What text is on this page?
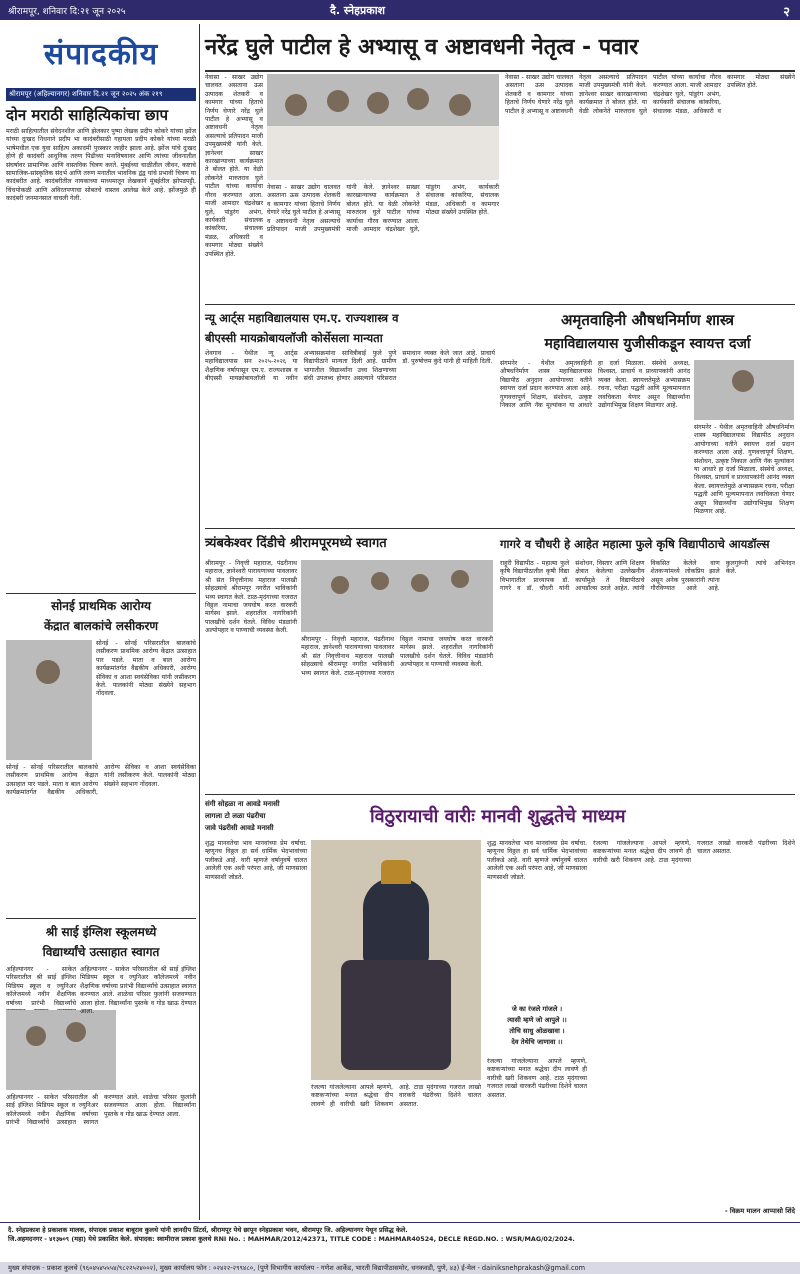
श्रीरामपूर, शनिवार दि:२१ जून २०२५	दै. स्नेहप्रकाश	२
संपादकीय
श्रीरामपूर (अहिल्यानगर) शनिवार दि.२१ जून २०२५ अंक २१९
दोन मराठी साहित्यिकांचा छाप
मराठी साहित्यातील संवेदनशील आणि झेलकार पुष्पा लेखक प्रदीप कोकरे यांच्या झोंज यांच्या दुःखद निधनाने प्रदीप भा कादंबरीसाठी गहायला प्रदीप कोकरे यांच्या मराठी भाषेमधील एक युवा साहित्य अकादमी पुरस्कार जाहीर झाला आहे. झोंज यांचे दुःखद होणे ही कादंबरी आधुनिक तरुण पिढीच्या मनाविषयावर आणि त्यांच्या जीवनातील संघर्षावर प्रामाणिक आणि वास्तविक चित्रण करते. मुंबईच्या चाळीतील जीवन, कष्टाचे सामाजिक-सांस्कृतिक संदर्भ आणि तरुण मनातील भावनिक द्वंद्व यांचे प्रभावी चित्रण या कादंबरीत आहे. कादंबरीतील नायकाच्या माध्यमातून लेखकाने मुंबईतील झोपडपट्टी, चिंचपोकळी आणि अविरतपणाचा सोबतचे वास्तव आलेख केले आहे. झोंजमुळे ही कादंबरी जनमानसात वाचली गेली.
नरेंद्र घुले पाटील हे अभ्यासू व अष्टावधनी नेतृत्व - पवार
नेवासा - साखर उद्योग चालवत असताना ऊस उत्पादक शेतकरी व कामगार यांच्या हिताचे निर्णय घेणारे नरेंद्र घुले पाटील हे अभ्यासू व अष्टावधनी नेतृत्व असल्याचे प्रतिपादन माजी उपमुख्यमंत्री यांनी केले. ज्ञानेश्वर साखर कारखान्याच्या कार्यक्रमात ते बोलत होते. या वेळी लोकनेते मारुतराव घुले पाटील यांच्या कार्याचा गौरव करण्यात आला. माजी आमदार चंद्रशेखर घुले, पांडुरंग अभंग, कार्यकारी संचालक कांकरिया, संचालक मंडळ, अधिकारी व कामगार मोठ्या संख्येने उपस्थित होते.
नेवासा - साखर उद्योग चालवत असताना ऊस उत्पादक शेतकरी व कामगार यांच्या हिताचे निर्णय घेणारे नरेंद्र घुले पाटील हे अभ्यासू व अष्टावधनी नेतृत्व असल्याचे प्रतिपादन माजी उपमुख्यमंत्री यांनी केले. ज्ञानेश्वर साखर कारखान्याच्या कार्यक्रमात ते बोलत होते. या वेळी लोकनेते मारुतराव घुले पाटील यांच्या कार्याचा गौरव करण्यात आला. माजी आमदार चंद्रशेखर घुले, पांडुरंग अभंग, कार्यकारी संचालक कांकरिया, संचालक मंडळ, अधिकारी व कामगार मोठ्या संख्येने उपस्थित होते.
नेवासा - साखर उद्योग चालवत असताना ऊस उत्पादक शेतकरी व कामगार यांच्या हिताचे निर्णय घेणारे नरेंद्र घुले पाटील हे अभ्यासू व अष्टावधनी नेतृत्व असल्याचे प्रतिपादन माजी उपमुख्यमंत्री यांनी केले. ज्ञानेश्वर साखर कारखान्याच्या कार्यक्रमात ते बोलत होते. या वेळी लोकनेते मारुतराव घुले पाटील यांच्या कार्याचा गौरव करण्यात आला. माजी आमदार चंद्रशेखर घुले, पांडुरंग अभंग, कार्यकारी संचालक कांकरिया, संचालक मंडळ, अधिकारी व कामगार मोठ्या संख्येने उपस्थित होते.
न्यू आर्ट्स महाविद्यालयास एम.ए. राज्यशास्त्र व
बीएस्सी मायक्रोबायलॉजी कोर्सेसला मान्यता
शेवगाव - येथील न्यू आर्ट्स महाविद्यालयास सन २०२५-२०२६ या शैक्षणिक वर्षापासून एम.ए. राज्यशास्त्र व बीएस्सी मायक्रोबायलॉजी या नवीन अभ्यासक्रमांना सावित्रीबाई फुले पुणे विद्यापीठाने मान्यता दिली आहे. ग्रामीण भागातील विद्यार्थ्यांना उच्च शिक्षणाच्या संधी उपलब्ध होणार असल्याने परिसरात समाधान व्यक्त केले जात आहे. प्राचार्य डॉ. पुरुषोत्तम कुंदे यांनी ही माहिती दिली.
अमृतवाहिनी औषधनिर्माण शास्त्र
महाविद्यालयास युजीसीकडून स्वायत्त दर्जा
संगमनेर - येथील अमृतवाहिनी औषधनिर्माण शास्त्र महाविद्यालयास विद्यापीठ अनुदान आयोगाच्या वतीने स्वायत्त दर्जा प्रदान करण्यात आला आहे. गुणवत्तापूर्ण शिक्षण, संशोधन, उत्कृष्ट निकाल आणि नॅक मूल्यांकन या आधारे हा दर्जा मिळाला. संस्थेचे अध्यक्ष, विश्वस्त, प्राचार्य व प्राध्यापकांनी आनंद व्यक्त केला. स्वायत्ततेमुळे अभ्यासक्रम रचना, परीक्षा पद्धती आणि मूल्यमापनात लवचिकता येणार असून विद्यार्थ्यांना उद्योगाभिमुख शिक्षण मिळणार आहे.
संगमनेर - येथील अमृतवाहिनी औषधनिर्माण शास्त्र महाविद्यालयास विद्यापीठ अनुदान आयोगाच्या वतीने स्वायत्त दर्जा प्रदान करण्यात आला आहे. गुणवत्तापूर्ण शिक्षण, संशोधन, उत्कृष्ट निकाल आणि नॅक मूल्यांकन या आधारे हा दर्जा मिळाला. संस्थेचे अध्यक्ष, विश्वस्त, प्राचार्य व प्राध्यापकांनी आनंद व्यक्त केला. स्वायत्ततेमुळे अभ्यासक्रम रचना, परीक्षा पद्धती आणि मूल्यमापनात लवचिकता येणार असून विद्यार्थ्यांना उद्योगाभिमुख शिक्षण मिळणार आहे.
त्र्यंबकेश्वर दिंडीचे श्रीरामपूरमध्ये स्वागत
श्रीरामपूर - निवृत्ती महाराज, पंढरीनाथ महाराज, ज्ञानेश्वरी पारायणाच्या पावलावर श्री संत निवृत्तीनाथ महाराज पालखी सोहळ्याचे श्रीरामपूर नगरीत भाविकांनी भव्य स्वागत केले. टाळ-मृदंगाच्या गजरात विठ्ठल नामाचा जयघोष करत वारकरी मार्गस्थ झाले. शहरातील नागरिकांनी पालखीचे दर्शन घेतले. विविध मंडळांनी अल्पोपहार व पाण्याची व्यवस्था केली.
श्रीरामपूर - निवृत्ती महाराज, पंढरीनाथ महाराज, ज्ञानेश्वरी पारायणाच्या पावलावर श्री संत निवृत्तीनाथ महाराज पालखी सोहळ्याचे श्रीरामपूर नगरीत भाविकांनी भव्य स्वागत केले. टाळ-मृदंगाच्या गजरात विठ्ठल नामाचा जयघोष करत वारकरी मार्गस्थ झाले. शहरातील नागरिकांनी पालखीचे दर्शन घेतले. विविध मंडळांनी अल्पोपहार व पाण्याची व्यवस्था केली.
गागरे व चौधरी हे आहेत महात्मा फुले कृषि विद्यापीठाचे आयडॉल्स
राहुरी विद्यापीठ - महात्मा फुले कृषि विद्यापीठातील कृषी विद्या विभागातील प्राध्यापक डॉ. गागरे व डॉ. चौधरी यांनी संशोधन, विस्तार आणि शिक्षण क्षेत्रात केलेल्या उल्लेखनीय कार्यामुळे ते विद्यापीठाचे आयडॉल्स ठरले आहेत. त्यांनी विकसित केलेले वाण शेतकऱ्यांमध्ये लोकप्रिय झाले असून अनेक पुरस्कारांनी त्यांना गौरविण्यात आले आहे. कुलगुरूंनी त्यांचे अभिनंदन केले.
सोनई प्राथमिक आरोग्य
केंद्रात बालकांचे लसीकरण
सोनई - सोनई परिसरातील बालकांचे लसीकरण प्राथमिक आरोग्य केंद्रात उत्साहात पार पडले. माता व बाल आरोग्य कार्यक्रमांतर्गत वैद्यकीय अधिकारी, आरोग्य सेविका व आशा स्वयंसेविका यांनी लसीकरण केले. पालकांनी मोठ्या संख्येने सहभाग नोंदवला.
सोनई - सोनई परिसरातील बालकांचे लसीकरण प्राथमिक आरोग्य केंद्रात उत्साहात पार पडले. माता व बाल आरोग्य कार्यक्रमांतर्गत वैद्यकीय अधिकारी, आरोग्य सेविका व आशा स्वयंसेविका यांनी लसीकरण केले. पालकांनी मोठ्या संख्येने सहभाग नोंदवला.
श्री साई इंग्लिश स्कूलमध्ये
विद्यार्थ्यांचे उत्साहात स्वागत
अहिल्यानगर - साकेत परिसरातील श्री साई इंग्लिश मिडियम स्कूल व ज्युनिअर कॉलेजमध्ये नवीन शैक्षणिक वर्षाच्या प्रारंभी विद्यार्थ्यांचे
अहिल्यानगर - साकेत परिसरातील श्री साई इंग्लिश मिडियम स्कूल व ज्युनिअर कॉलेजमध्ये नवीन शैक्षणिक वर्षाच्या प्रारंभी विद्यार्थ्यांचे उत्साहात स्वागत करण्यात आले. शाळेचा परिसर फुलांनी सजवण्यात आला होता. विद्यार्थ्यांना पुस्तके व गोड खाऊ देण्यात आला.
अहिल्यानगर - साकेत परिसरातील श्री साई इंग्लिश मिडियम स्कूल व ज्युनिअर कॉलेजमध्ये नवीन शैक्षणिक वर्षाच्या प्रारंभी विद्यार्थ्यांचे उत्साहात स्वागत करण्यात आले. शाळेचा परिसर फुलांनी सजवण्यात आला होता. विद्यार्थ्यांना पुस्तके व गोड खाऊ देण्यात आला.
संगी सोहळा ना आवडे मनासी
लागला टो लळा पंढरीचा
जावे पंढरीसी आवडे मनासी
विठुरायाची वारीः मानवी शुद्धतेचे माध्यम
शुद्ध मानवतेचा भाव मानवांच्या प्रेम वर्षाचा. म्हणूनच विठ्ठल हा सर्व धार्मिक भेदभावांच्या पलीकडे आहे. वारी म्हणजे वर्षानुवर्षे चालत आलेली एक अशी परंपरा आहे, जी माणसाला माणसाशी जोडते.
रंजल्या गांजलेल्याना आपले म्हणणे, कष्टकऱ्यांच्या मनात श्रद्धेचा दीप लावणे ही वारीची खरी शिकवण आहे. टाळ मृदंगाच्या गजरात लाखो वारकरी पंढरीच्या दिशेने चालत असतात.
शुद्ध मानवतेचा भाव मानवांच्या प्रेम वर्षाचा. म्हणूनच विठ्ठल हा सर्व धार्मिक भेदभावांच्या पलीकडे आहे. वारी म्हणजे वर्षानुवर्षे चालत आलेली एक अशी परंपरा आहे, जी माणसाला माणसाशी जोडते.
जे का रंजले गांजले ।
त्यासी म्हणे जो आपुले ।।
तोचि साधु ओळखावा ।
देव तेथेचि जाणावा ।।
रंजल्या गांजलेल्याना आपले म्हणणे, कष्टकऱ्यांच्या मनात श्रद्धेचा दीप लावणे ही वारीची खरी शिकवण आहे. टाळ मृदंगाच्या गजरात लाखो वारकरी पंढरीच्या दिशेने चालत असतात.
रंजल्या गांजलेल्याना आपले म्हणणे, कष्टकऱ्यांच्या मनात श्रद्धेचा दीप लावणे ही वारीची खरी शिकवण आहे. टाळ मृदंगाच्या गजरात लाखो वारकरी पंढरीच्या दिशेने चालत असतात.
- विक्रम मालन आप्पासो शिंदे
दै. स्नेहप्रकाश हे प्रकाशक मालक, संपादक प्रकाश बाबूराव कुलथे यांनी ज्ञानदीप प्रिंटर्स, श्रीरामपूर येथे छापून स्नेहप्रकाश भवन, श्रीरामपूर जि. अहिल्यानगर येथून प्रसिद्ध केले.
जि.अहमदनगर - ४१३७०९ (महा) येथे प्रकाशित केले. संपादक: स्वामीराज प्रकाश कुलथे RNI No. : MAHMAR/2012/42371, TITLE CODE : MAHMAR40524, DECLE REGD.NO. : WSR/MAG/02/2024.
मुख्य संपादक - प्रकाश कुलथे (९६०४५४५५५४/९८२२५२४००२), मुख्य कार्यालय फोन : ०२४२२-२९९४८०, (पुणे विभागीय कार्यालय - गणेश आर्केड, भारती विद्यापीठासमोर, धनकवडी, पुणे, ४३) ई-मेल - dainiksnehprakash@gmail.com
